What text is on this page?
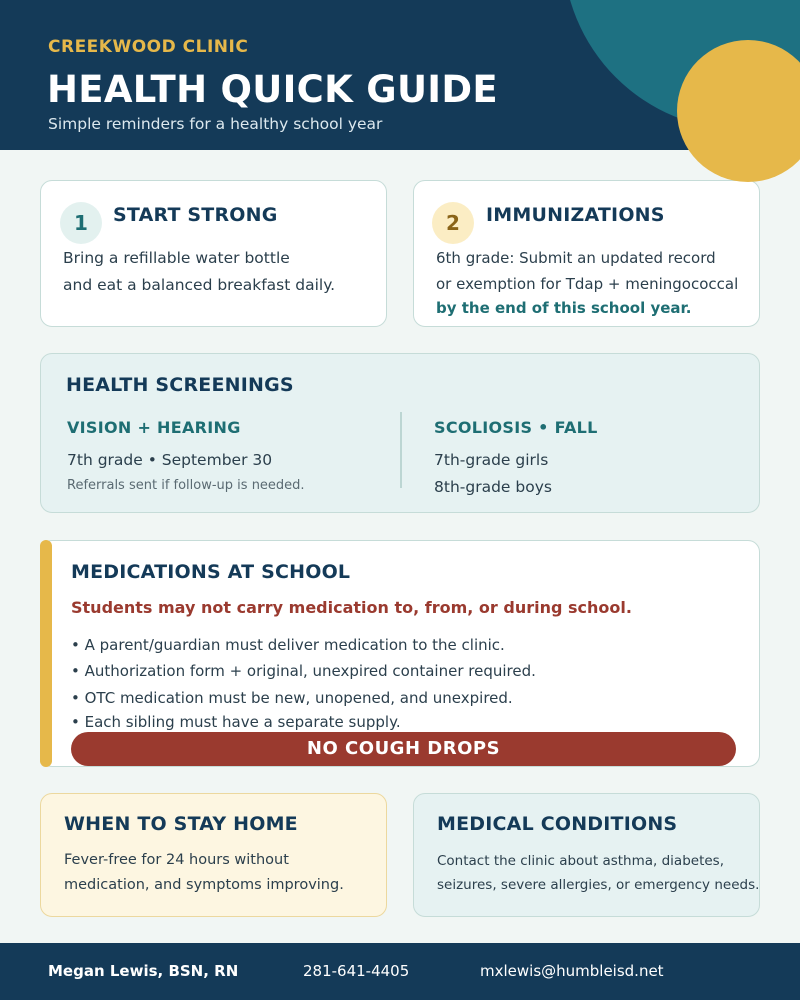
CREEKWOOD CLINIC
HEALTH QUICK GUIDE
Simple reminders for a healthy school year
1	START STRONG
Bring a refillable water bottle
and eat a balanced breakfast daily.
2	IMMUNIZATIONS
6th grade: Submit an updated record
or exemption for Tdap + meningococcal
by the end of this school year.
HEALTH SCREENINGS
VISION + HEARING
7th grade • September 30
Referrals sent if follow-up is needed.
SCOLIOSIS • FALL
7th-grade girls
8th-grade boys
MEDICATIONS AT SCHOOL
Students may not carry medication to, from, or during school.
• A parent/guardian must deliver medication to the clinic.
• Authorization form + original, unexpired container required.
• OTC medication must be new, unopened, and unexpired.
• Each sibling must have a separate supply.
NO COUGH DROPS
WHEN TO STAY HOME
Fever-free for 24 hours without
medication, and symptoms improving.
MEDICAL CONDITIONS
Contact the clinic about asthma, diabetes,
seizures, severe allergies, or emergency needs.
Megan Lewis, BSN, RN	281-641-4405	mxlewis@humbleisd.net
